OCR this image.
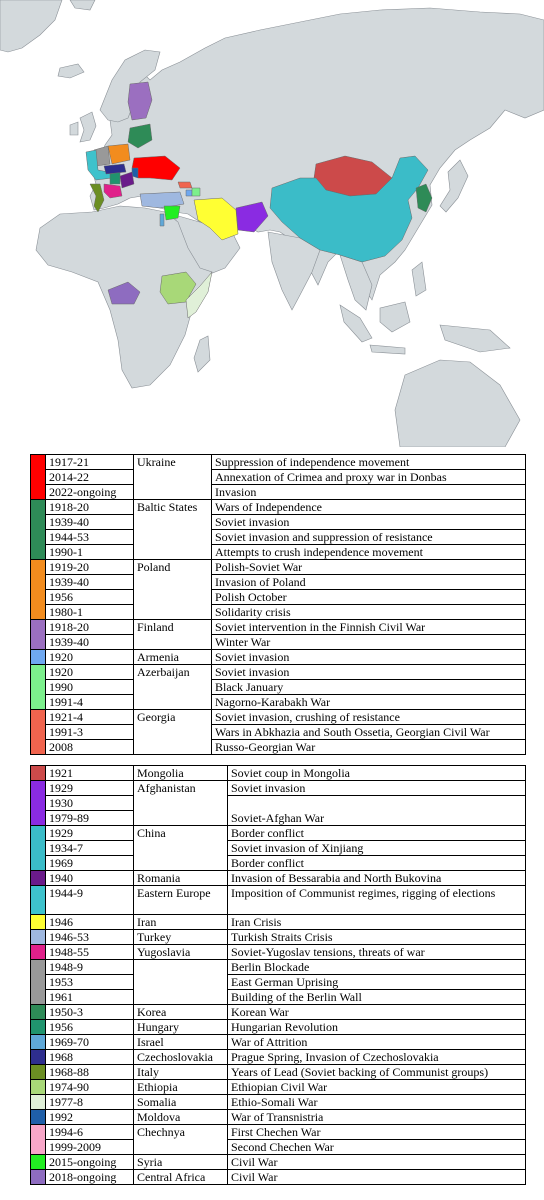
	1917-21	Ukraine	Suppression of independence movement
	2014-22		Annexation of Crimea and proxy war in Donbas
	2022-ongoing		Invasion
	1918-20	Baltic States	Wars of Independence
	1939-40		Soviet invasion
	1944-53		Soviet invasion and suppression of resistance
	1990-1		Attempts to crush independence movement
	1919-20	Poland	Polish-Soviet War
	1939-40		Invasion of Poland
	1956		Polish October
	1980-1		Solidarity crisis
	1918-20	Finland	Soviet intervention in the Finnish Civil War
	1939-40		Winter War
	1920	Armenia	Soviet invasion
	1920	Azerbaijan	Soviet invasion
	1990		Black January
	1991-4		Nagorno-Karabakh War
	1921-4	Georgia	Soviet invasion, crushing of resistance
	1991-3		Wars in Abkhazia and South Ossetia, Georgian Civil War
	2008		Russo-Georgian War
	1921	Mongolia	Soviet coup in Mongolia
	1929	Afghanistan	Soviet invasion
	1930		
	1979-89		Soviet-Afghan War
	1929	China	Border conflict
	1934-7		Soviet invasion of Xinjiang
	1969		Border conflict
	1940	Romania	Invasion of Bessarabia and North Bukovina
	1944-9	Eastern Europe	Imposition of Communist regimes, rigging of elections
	1946	Iran	Iran Crisis
	1946-53	Turkey	Turkish Straits Crisis
	1948-55	Yugoslavia	Soviet-Yugoslav tensions, threats of war
	1948-9		Berlin Blockade
	1953		East German Uprising
	1961		Building of the Berlin Wall
	1950-3	Korea	Korean War
	1956	Hungary	Hungarian Revolution
	1969-70	Israel	War of Attrition
	1968	Czechoslovakia	Prague Spring, Invasion of Czechoslovakia
	1968-88	Italy	Years of Lead (Soviet backing of Communist groups)
	1974-90	Ethiopia	Ethiopian Civil War
	1977-8	Somalia	Ethio-Somali War
	1992	Moldova	War of Transnistria
	1994-6	Chechnya	First Chechen War
	1999-2009		Second Chechen War
	2015-ongoing	Syria	Civil War
	2018-ongoing	Central Africa	Civil War
